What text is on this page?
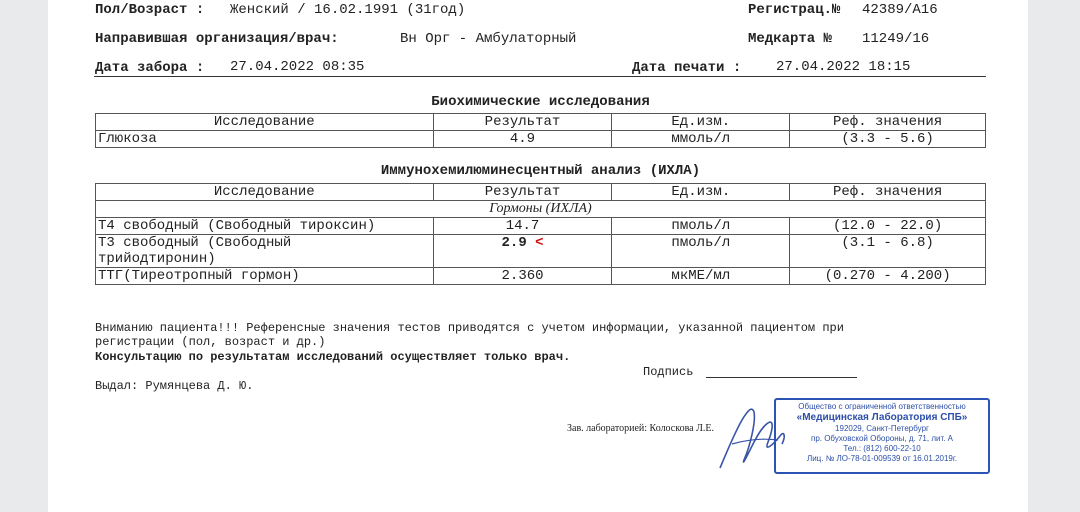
Пол/Возраст : Женский / 16.02.1991 (31год)	Регистрац.№ 42389/A16
Направившая организация/врач:	Вн Орг - Амбулаторный	Медкарта № 11249/16
Дата забора : 27.04.2022 08:35	Дата печати : 27.04.2022 18:15
Биохимические исследования
Исследование	Результат	Ед.изм.	Реф. значения
Глюкоза	4.9	ммоль/л	(3.3 - 5.6)
Иммунохемилюминесцентный анализ (ИХЛА)
Исследование	Результат	Ед.изм.	Реф. значения
Гормоны (ИХЛА)			
Т4 свободный (Свободный тироксин)	14.7	пмоль/л	(12.0 - 22.0)
Т3 свободный (Свободный
трийодтиронин)	2.9 <	пмоль/л	(3.1 - 6.8)
ТТГ(Тиреотропный гормон)	2.360	мкМЕ/мл	(0.270 - 4.200)
Вниманию пациента!!! Референсные значения тестов приводятся с учетом информации, указанной пациентом при
регистрации (пол, возраст и др.)
Консультацию по результатам исследований осуществляет только врач.
Подпись
Выдал: Румянцева Д. Ю.
Зав. лабораторией: Колоскова Л.Е.
Общество с ограниченной ответственностью
«Медицинская Лаборатория СПБ»
192029, Санкт-Петербург
пр. Обуховской Обороны, д. 71, лит. А
Тел.: (812) 600-22-10
Лиц. № ЛО-78-01-009539 от 16.01.2019г.
